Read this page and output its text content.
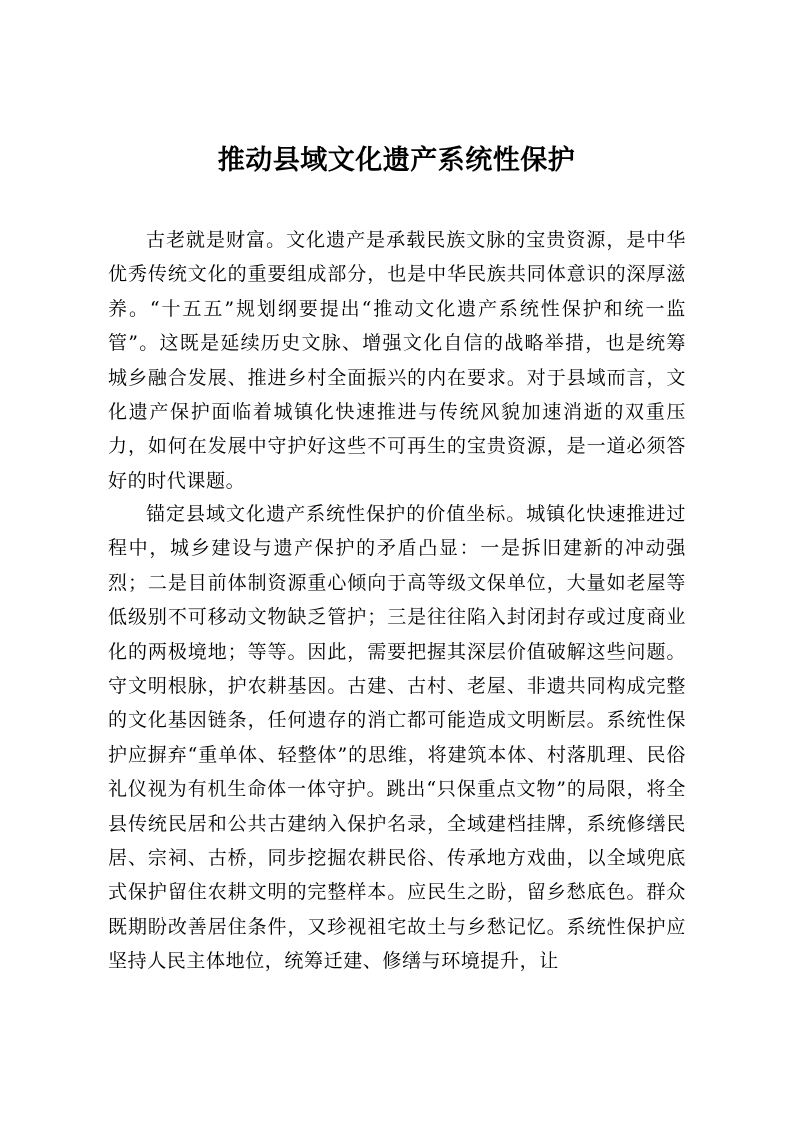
推动县域文化遗产系统性保护

古老就是财富。文化遗产是承载民族文脉的宝贵资源，是中华优秀传统文化的重要组成部分，也是中华民族共同体意识的深厚滋养。“十五五”规划纲要提出“推动文化遗产系统性保护和统一监管”。这既是延续历史文脉、增强文化自信的战略举措，也是统筹城乡融合发展、推进乡村全面振兴的内在要求。对于县域而言，文化遗产保护面临着城镇化快速推进与传统风貌加速消逝的双重压力，如何在发展中守护好这些不可再生的宝贵资源，是一道必须答好的时代课题。

锚定县域文化遗产系统性保护的价值坐标。城镇化快速推进过程中，城乡建设与遗产保护的矛盾凸显：一是拆旧建新的冲动强烈；二是目前体制资源重心倾向于高等级文保单位，大量如老屋等低级别不可移动文物缺乏管护；三是往往陷入封闭封存或过度商业化的两极境地；等等。因此，需要把握其深层价值破解这些问题。守文明根脉，护农耕基因。古建、古村、老屋、非遗共同构成完整的文化基因链条，任何遗存的消亡都可能造成文明断层。系统性保护应摒弃“重单体、轻整体”的思维，将建筑本体、村落肌理、民俗礼仪视为有机生命体一体守护。跳出“只保重点文物”的局限，将全县传统民居和公共古建纳入保护名录，全域建档挂牌，系统修缮民居、宗祠、古桥，同步挖掘农耕民俗、传承地方戏曲，以全域兜底式保护留住农耕文明的完整样本。应民生之盼，留乡愁底色。群众既期盼改善居住条件，又珍视祖宅故土与乡愁记忆。系统性保护应坚持人民主体地位，统筹迁建、修缮与环境提升，让
